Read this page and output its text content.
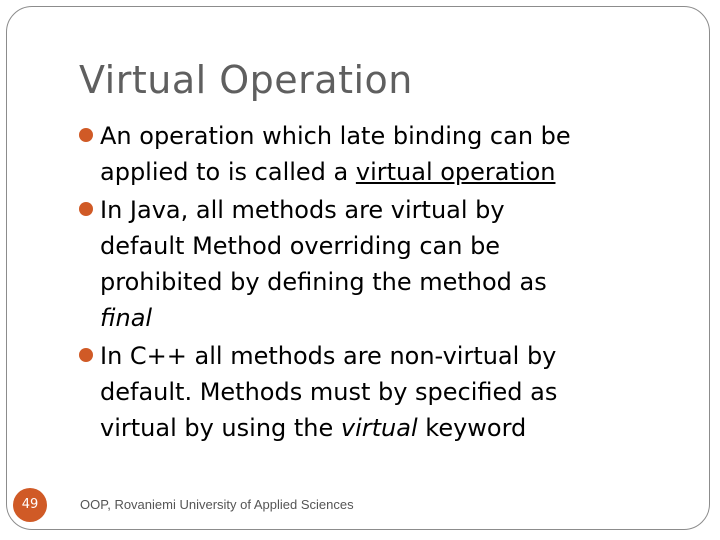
Virtual Operation
An operation which late binding can be
applied to is called a virtual operation
In Java, all methods are virtual by
default Method overriding can be
prohibited by defining the method as
final
In C++ all methods are non-virtual by
default. Methods must by specified as
virtual by using the virtual keyword
49	OOP, Rovaniemi University of Applied Sciences
